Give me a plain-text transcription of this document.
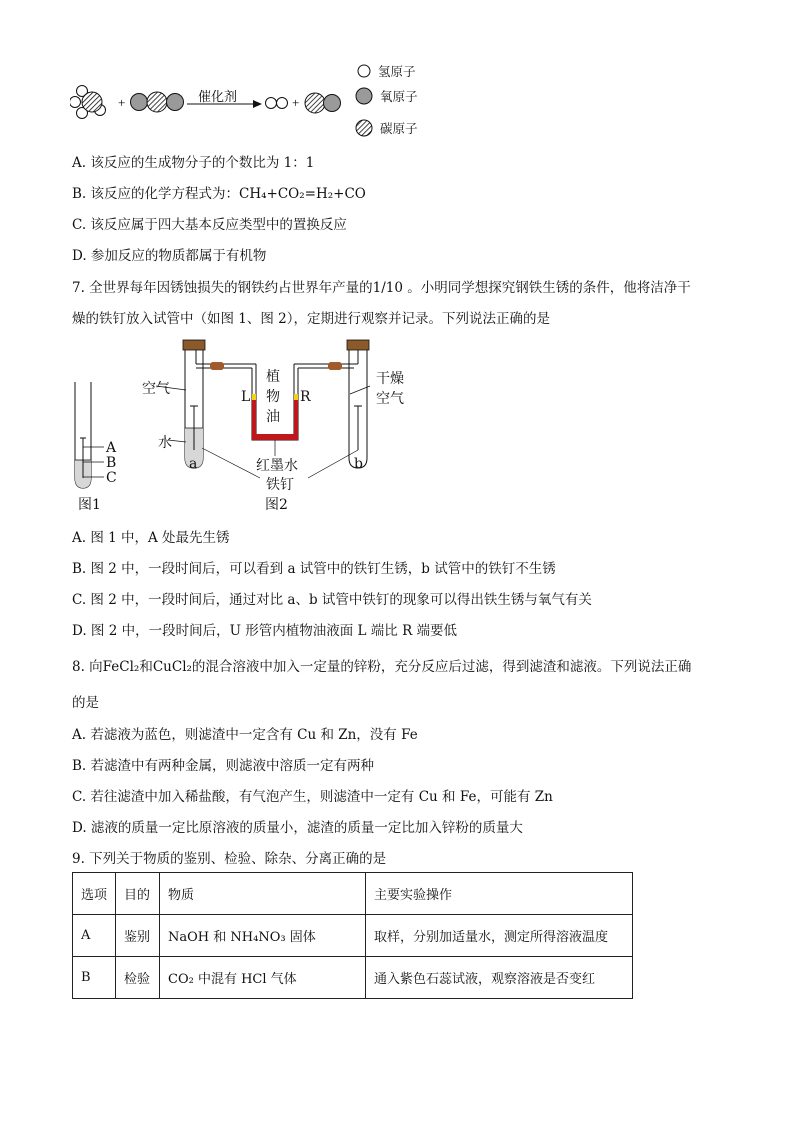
+	+
催化剂
氢原子
氧原子
碳原子
A. 该反应的生成物分子的个数比为 1：1
B. 该反应的化学方程式为：CH₄+CO₂=H₂+CO
C. 该反应属于四大基本反应类型中的置换反应
D. 参加反应的物质都属于有机物
7. 全世界每年因锈蚀损失的钢铁约占世界年产量的1/10 。小明同学想探究钢铁生锈的条件，他将洁净干
燥的铁钉放入试管中（如图 1、图 2），定期进行观察并记录。下列说法正确的是
A
B
C
图1
空气
水
a
植
物
油
L	R
干燥
空气
b
红墨水
铁钉
图2
A. 图 1 中，A 处最先生锈
B. 图 2 中，一段时间后，可以看到 a 试管中的铁钉生锈，b 试管中的铁钉不生锈
C. 图 2 中，一段时间后，通过对比 a、b 试管中铁钉的现象可以得出铁生锈与氧气有关
D. 图 2 中，一段时间后，U 形管内植物油液面 L 端比 R 端要低
8. 向FeCl₂和CuCl₂的混合溶液中加入一定量的锌粉，充分反应后过滤，得到滤渣和滤液。下列说法正确
的是
A. 若滤液为蓝色，则滤渣中一定含有 Cu 和 Zn，没有 Fe
B. 若滤渣中有两种金属，则滤液中溶质一定有两种
C. 若往滤渣中加入稀盐酸，有气泡产生，则滤渣中一定有 Cu 和 Fe，可能有 Zn
D. 滤液的质量一定比原溶液的质量小，滤渣的质量一定比加入锌粉的质量大
9. 下列关于物质的鉴别、检验、除杂、分离正确的是
选项	目的	物质	主要实验操作
A	鉴别	NaOH 和 NH₄NO₃ 固体	取样，分别加适量水，测定所得溶液温度
B	检验	CO₂ 中混有 HCl 气体	通入紫色石蕊试液，观察溶液是否变红
